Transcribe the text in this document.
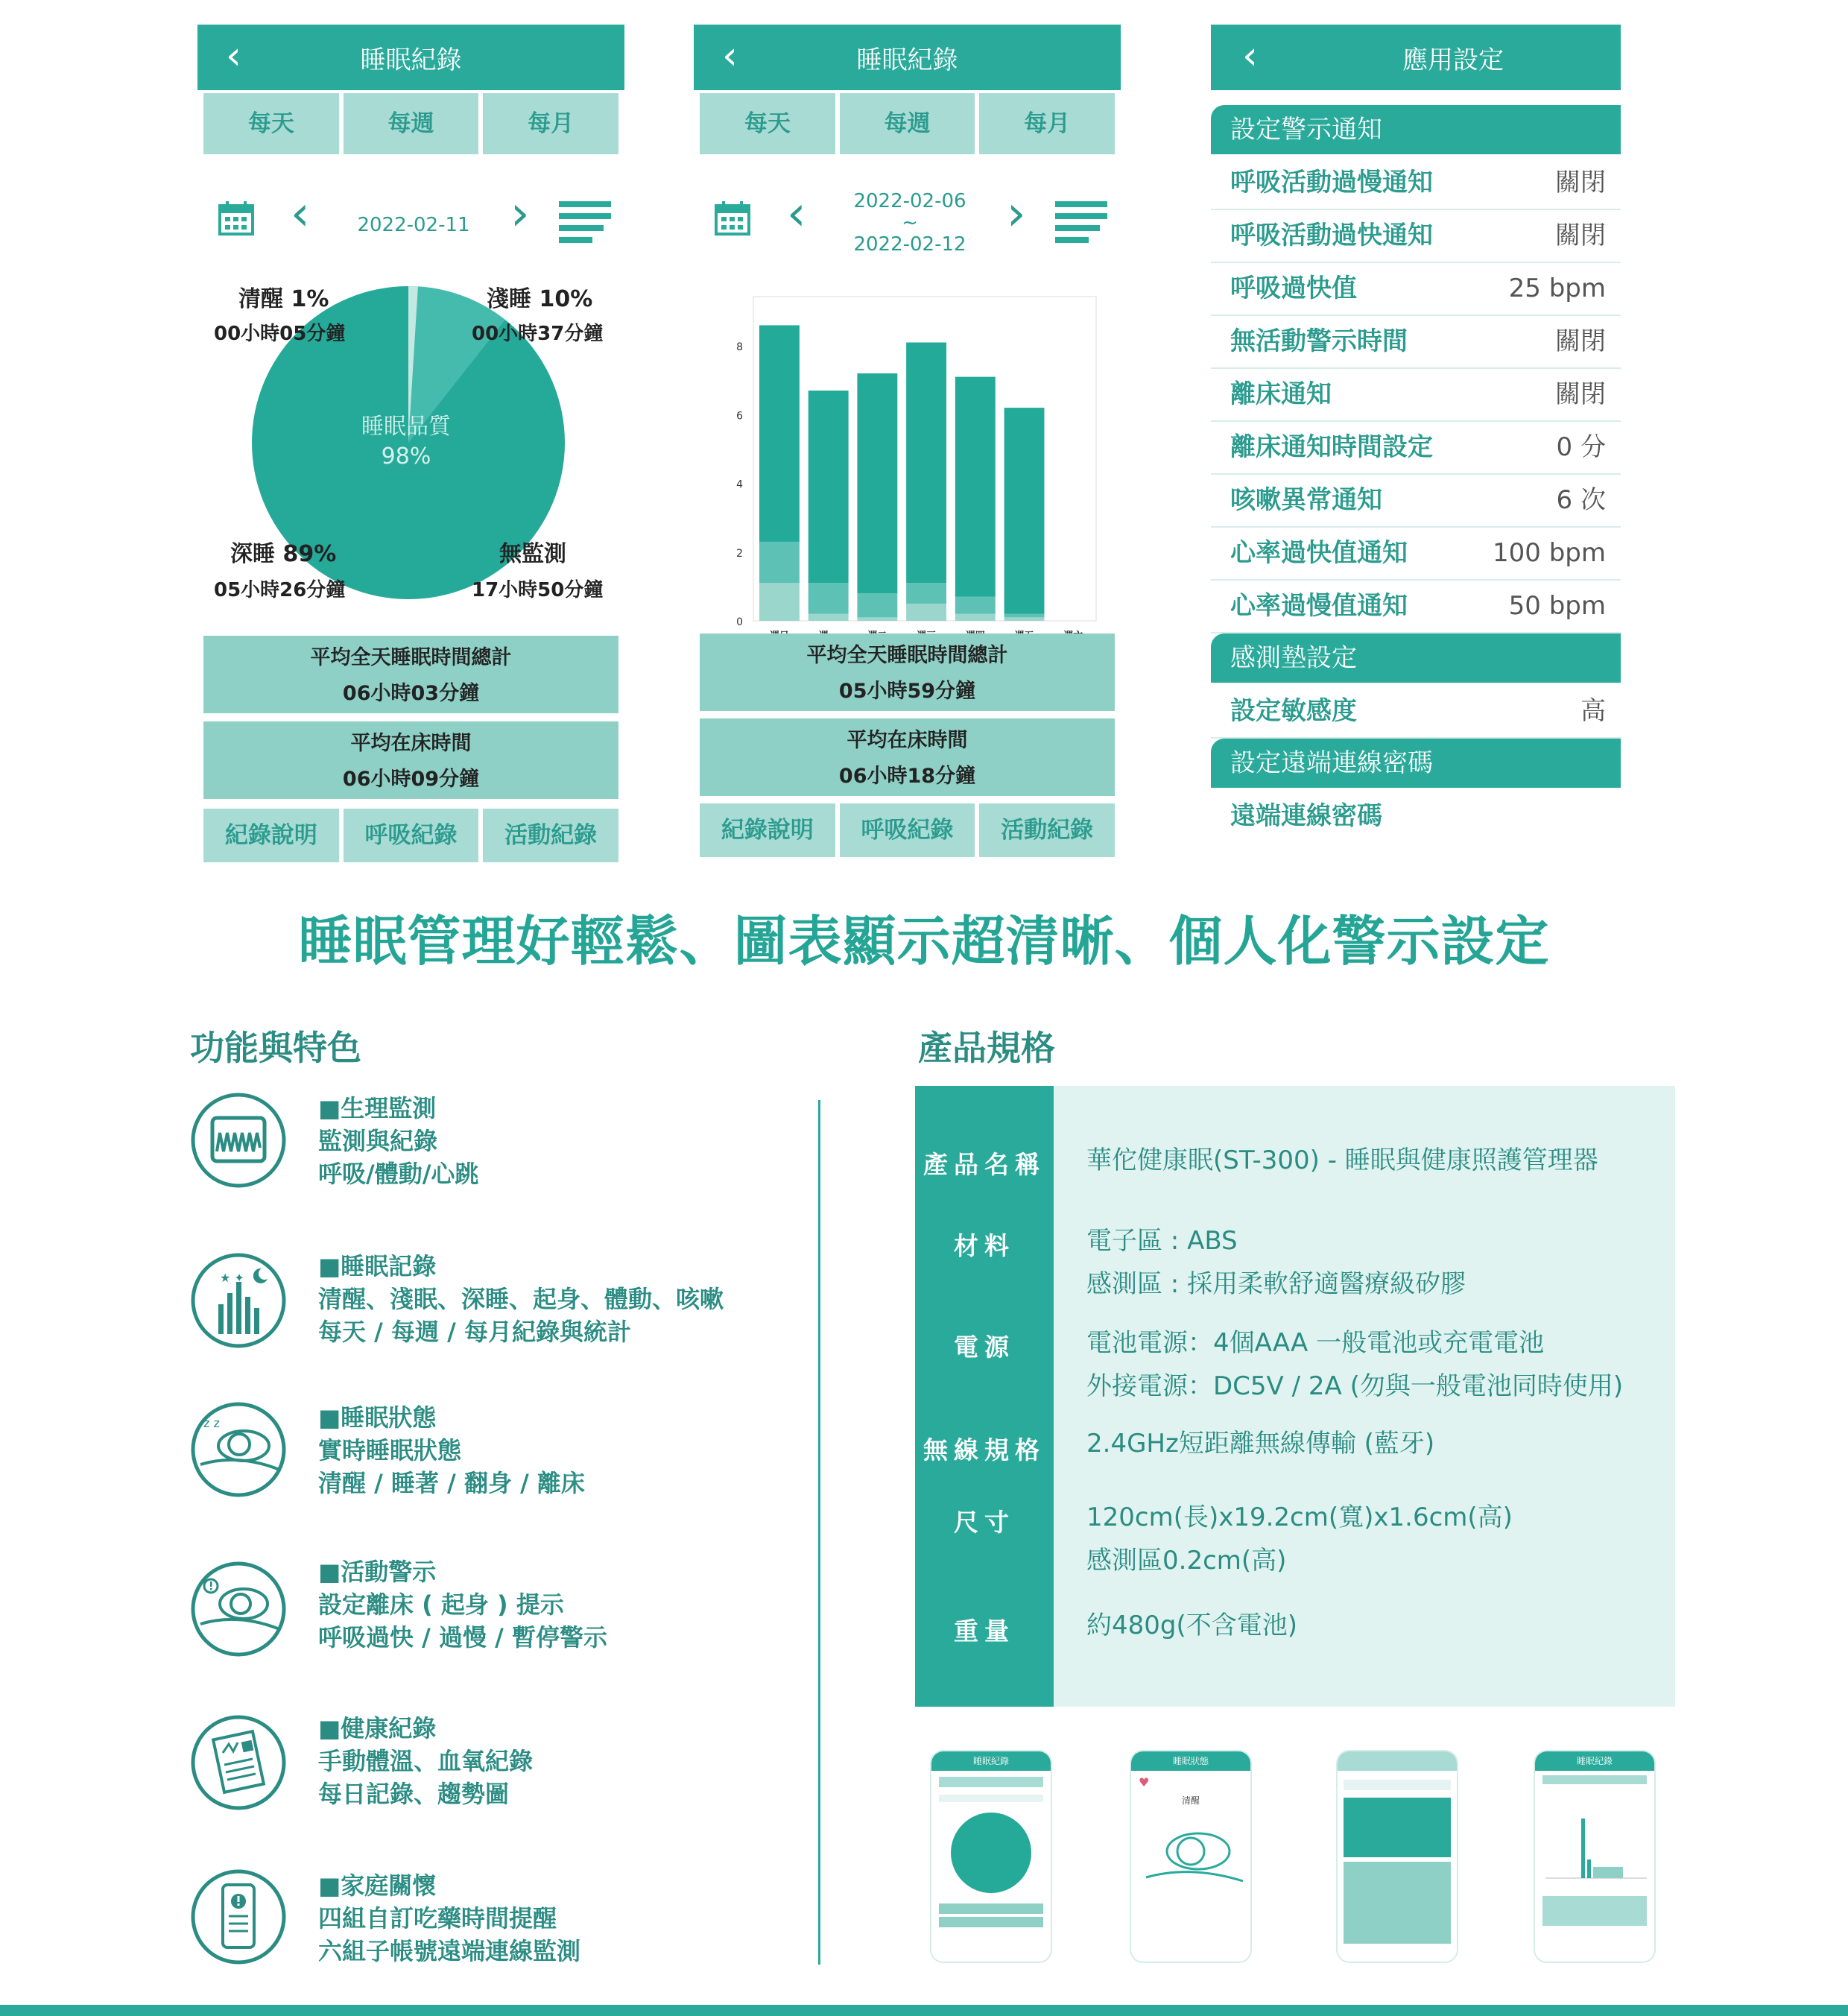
‹	睡眠紀錄
每天	每週	每月
‹	2022-02-11 ›
睡眠品質
98%
清醒 1%
00小時05分鐘
淺睡 10%
00小時37分鐘
深睡 89%
05小時26分鐘
無監測
17小時50分鐘
平均全天睡眠時間總計
06小時03分鐘
平均在床時間
06小時09分鐘
紀錄說明	呼吸紀錄	活動紀錄
‹	睡眠紀錄
每天	每週	每月
‹	2022-02-06
~
2022-02-12
›
0
2
4
6
8
平均全天睡眠時間總計
05小時59分鐘
平均在床時間
06小時18分鐘
紀錄說明	呼吸紀錄	活動紀錄
‹	應用設定
設定警示通知
呼吸活動過慢通知	關閉
呼吸活動過快通知	關閉
呼吸過快值	25 bpm
無活動警示時間	關閉
離床通知	關閉
離床通知時間設定	0 分
咳嗽異常通知	6 次
心率過快值通知	100 bpm
心率過慢值通知	50 bpm
感測墊設定
設定敏感度	高
設定遠端連線密碼
遠端連線密碼
睡眠管理好輕鬆、圖表顯示超清晰、個人化警示設定
功能與特色
■生理監測
監測與紀錄
呼吸/體動/心跳
★ ✦	■睡眠記錄
清醒、淺眠、深睡、起身、體動、咳嗽
每天 / 每週 / 每月紀錄與統計
z z	■睡眠狀態
實時睡眠狀態
清醒 / 睡著 / 翻身 / 離床
■活動警示
設定離床 ( 起身 ) 提示
呼吸過快 / 過慢 / 暫停警示
■健康紀錄
手動體溫、血氧紀錄
每日記錄、趨勢圖
■家庭關懷
四組自訂吃藥時間提醒
六組子帳號遠端連線監測
產品規格
產品名稱	華佗健康眠(ST-300) - 睡眠與健康照護管理器
材料	電子區 : ABS
感測區 : 採用柔軟舒適醫療級矽膠
電源	電池電源：4個AAA 一般電池或充電電池
外接電源：DC5V / 2A (勿與一般電池同時使用)
無線規格	2.4GHz短距離無線傳輸 (藍牙)
尺寸	120cm(長)x19.2cm(寬)x1.6cm(高)
感測區0.2cm(高)
重量	約480g(不含電池)
睡眠紀錄	睡眠狀態
♥
清醒
睡眠紀錄
